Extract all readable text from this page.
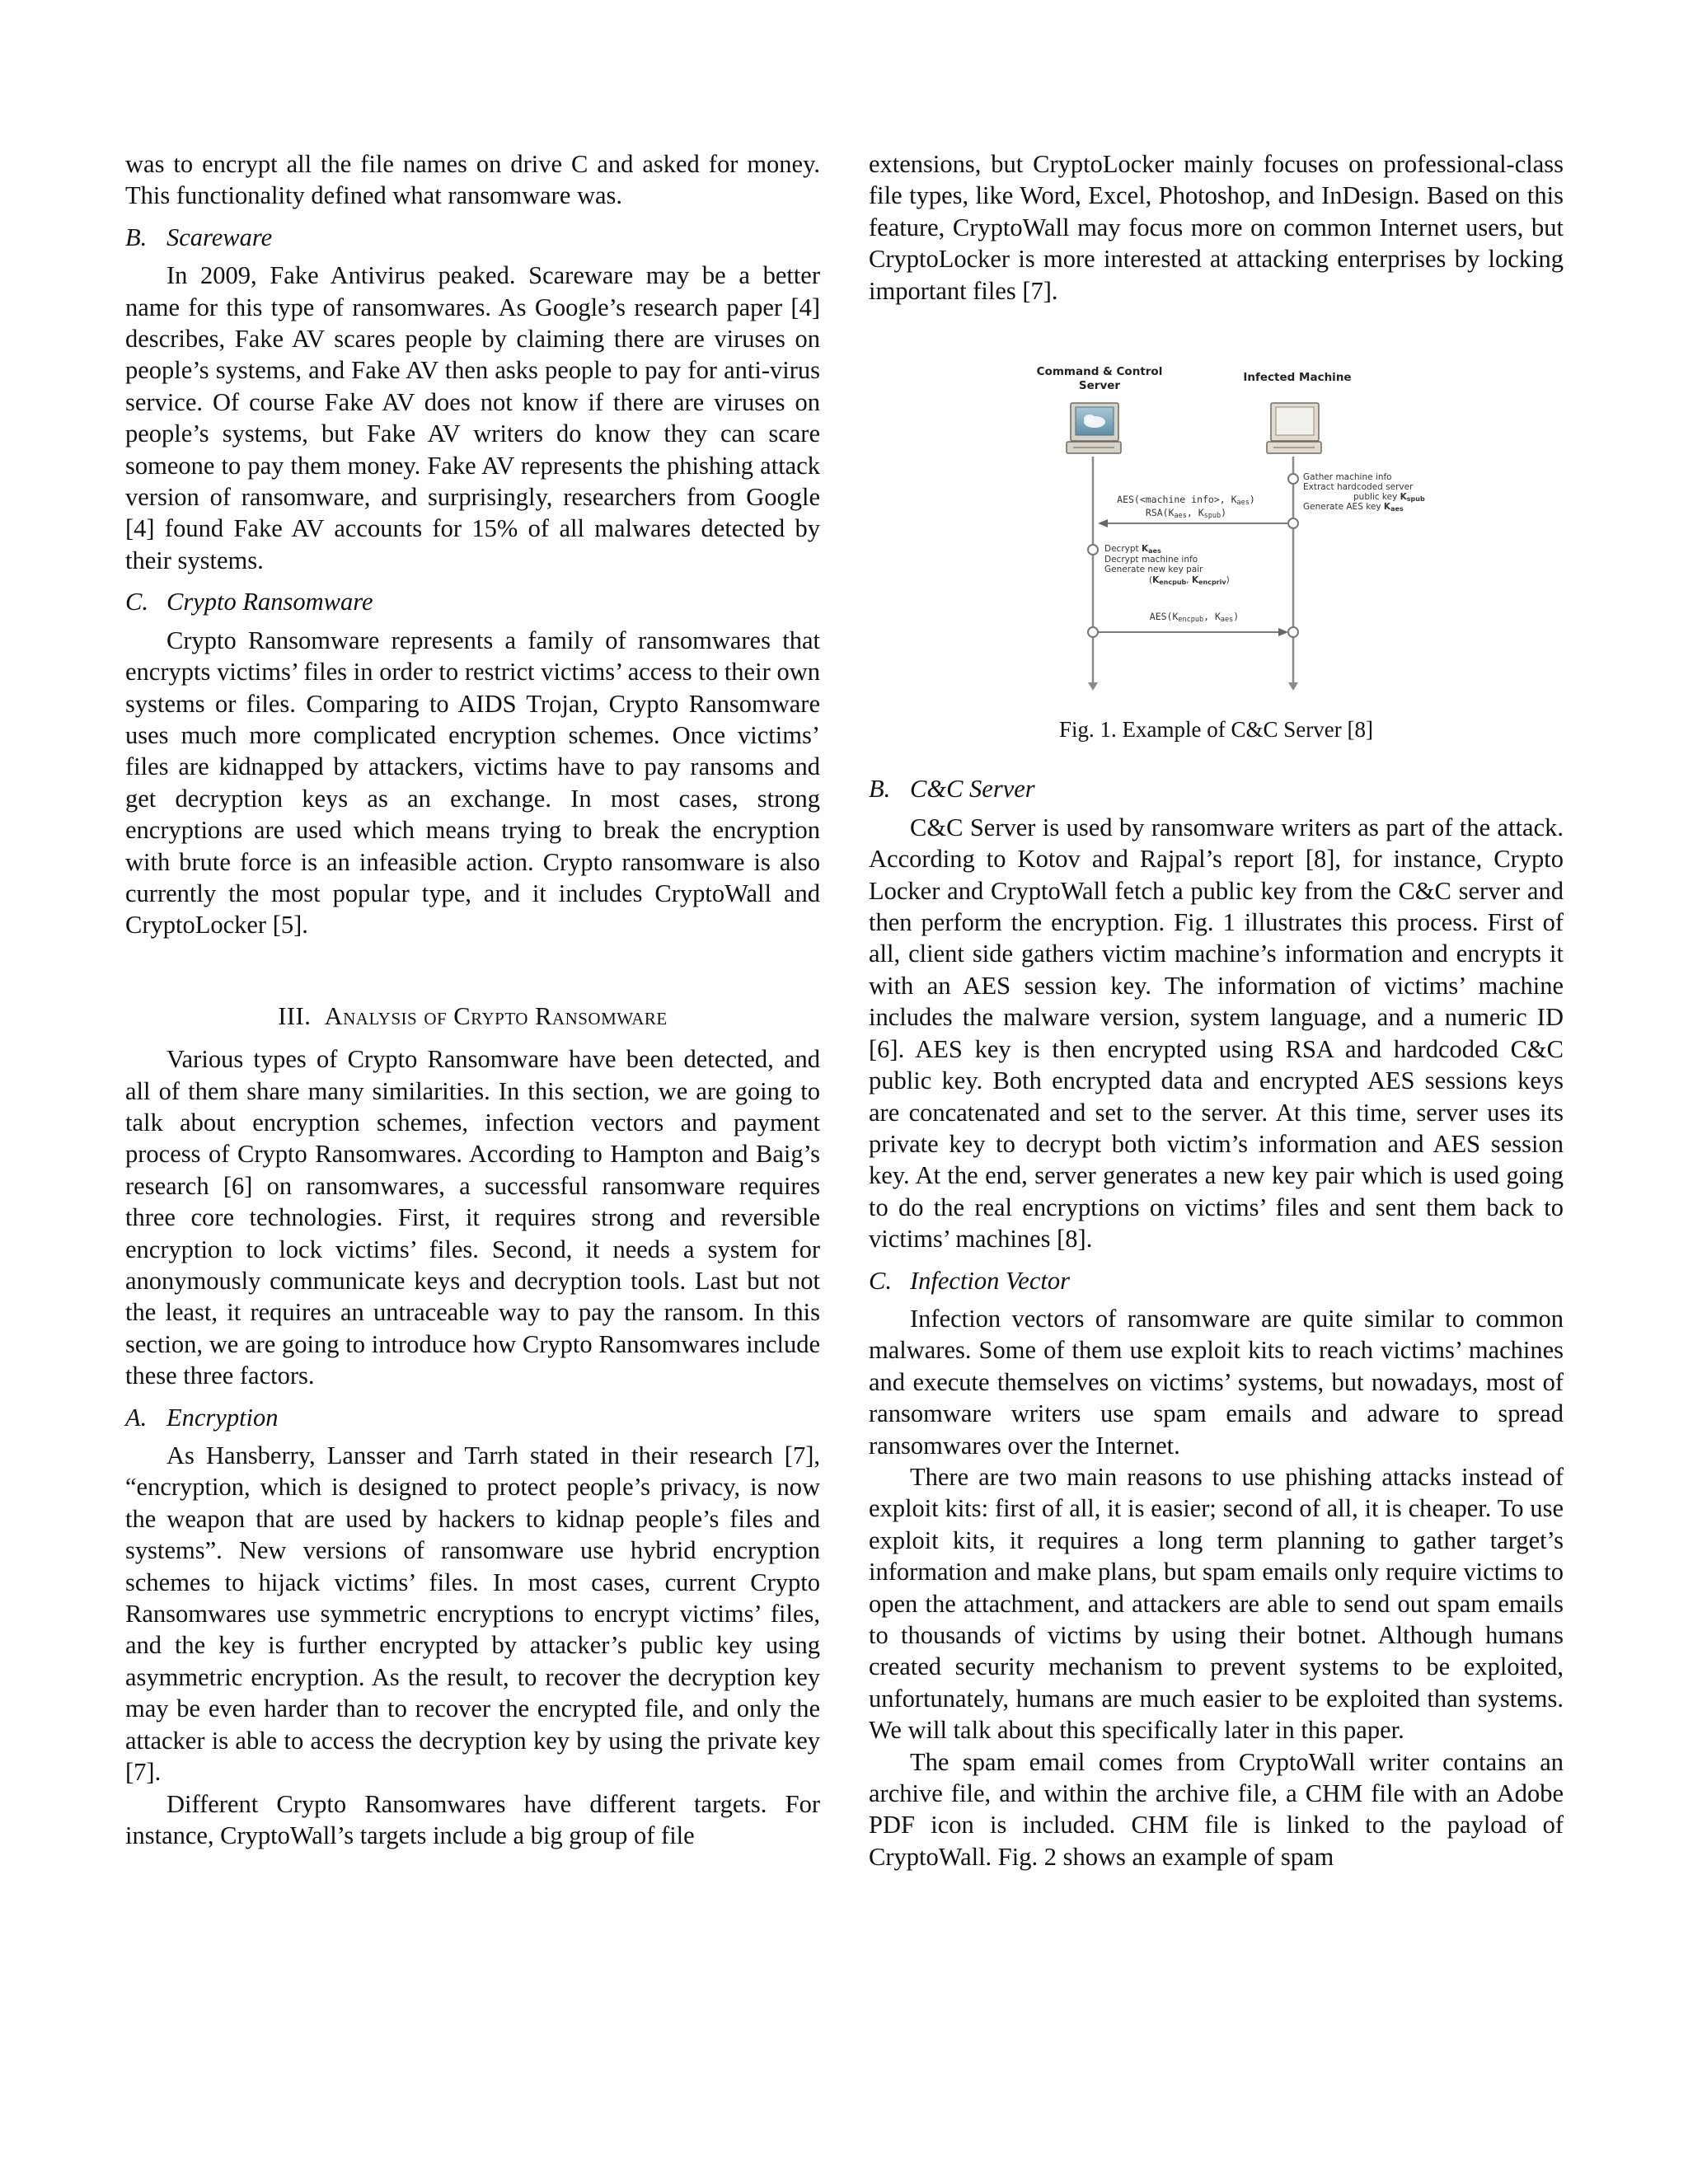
was to encrypt all the file names on drive C and asked for money. This functionality defined what ransomware was.

B. Scareware

In 2009, Fake Antivirus peaked. Scareware may be a better name for this type of ransomwares. As Google’s research paper [4] describes, Fake AV scares people by claiming there are viruses on people’s systems, and Fake AV then asks people to pay for anti-virus service. Of course Fake AV does not know if there are viruses on people’s systems, but Fake AV writers do know they can scare someone to pay them money. Fake AV represents the phishing attack version of ransomware, and surprisingly, researchers from Google [4] found Fake AV accounts for 15% of all malwares detected by their systems.

C. Crypto Ransomware

Crypto Ransomware represents a family of ransomwares that encrypts victims’ files in order to restrict victims’ access to their own systems or files. Comparing to AIDS Trojan, Crypto Ransomware uses much more complicated encryption schemes. Once victims’ files are kidnapped by attackers, victims have to pay ransoms and get decryption keys as an exchange. In most cases, strong encryptions are used which means trying to break the encryption with brute force is an infeasible action. Crypto ransomware is also currently the most popular type, and it includes CryptoWall and CryptoLocker [5].

III. Analysis of Crypto Ransomware

Various types of Crypto Ransomware have been detected, and all of them share many similarities. In this section, we are going to talk about encryption schemes, infection vectors and payment process of Crypto Ransomwares. According to Hampton and Baig’s research [6] on ransomwares, a successful ransomware requires three core technologies. First, it requires strong and reversible encryption to lock victims’ files. Second, it needs a system for anonymously communicate keys and decryption tools. Last but not the least, it requires an untraceable way to pay the ransom. In this section, we are going to introduce how Crypto Ransomwares include these three factors.

A. Encryption

As Hansberry, Lansser and Tarrh stated in their research [7], “encryption, which is designed to protect people’s privacy, is now the weapon that are used by hackers to kidnap people’s files and systems”. New versions of ransomware use hybrid encryption schemes to hijack victims’ files. In most cases, current Crypto Ransomwares use symmetric encryptions to encrypt victims’ files, and the key is further encrypted by attacker’s public key using asymmetric encryption. As the result, to recover the decryption key may be even harder than to recover the encrypted file, and only the attacker is able to access the decryption key by using the private key [7].

Different Crypto Ransomwares have different targets. For instance, CryptoWall’s targets include a big group of file

extensions, but CryptoLocker mainly focuses on professional-class file types, like Word, Excel, Photoshop, and InDesign. Based on this feature, CryptoWall may focus more on common Internet users, but CryptoLocker is more interested at attacking enterprises by locking important files [7].

Command & Control
Server
Infected Machine
Gather machine info
Extract hardcoded server
public key Kspub
Generate AES key Kaes
AES(<machine info>, Kaes)
RSA(Kaes, Kspub)
Decrypt Kaes
Decrypt machine info
Generate new key pair
(Kencpub, Kencpriv)
AES(Kencpub, Kaes)
Fig. 1. Example of C&C Server [8]
B. C&C Server

C&C Server is used by ransomware writers as part of the attack. According to Kotov and Rajpal’s report [8], for instance, Crypto Locker and CryptoWall fetch a public key from the C&C server and then perform the encryption. Fig. 1 illustrates this process. First of all, client side gathers victim machine’s information and encrypts it with an AES session key. The information of victims’ machine includes the malware version, system language, and a numeric ID [6]. AES key is then encrypted using RSA and hardcoded C&C public key. Both encrypted data and encrypted AES sessions keys are concatenated and set to the server. At this time, server uses its private key to decrypt both victim’s information and AES session key. At the end, server generates a new key pair which is used going to do the real encryptions on victims’ files and sent them back to victims’ machines [8].

C. Infection Vector

Infection vectors of ransomware are quite similar to common malwares. Some of them use exploit kits to reach victims’ machines and execute themselves on victims’ systems, but nowadays, most of ransomware writers use spam emails and adware to spread ransomwares over the Internet.

There are two main reasons to use phishing attacks instead of exploit kits: first of all, it is easier; second of all, it is cheaper. To use exploit kits, it requires a long term planning to gather target’s information and make plans, but spam emails only require victims to open the attachment, and attackers are able to send out spam emails to thousands of victims by using their botnet. Although humans created security mechanism to prevent systems to be exploited, unfortunately, humans are much easier to be exploited than systems. We will talk about this specifically later in this paper.

The spam email comes from CryptoWall writer contains an archive file, and within the archive file, a CHM file with an Adobe PDF icon is included. CHM file is linked to the payload of CryptoWall. Fig. 2 shows an example of spam
